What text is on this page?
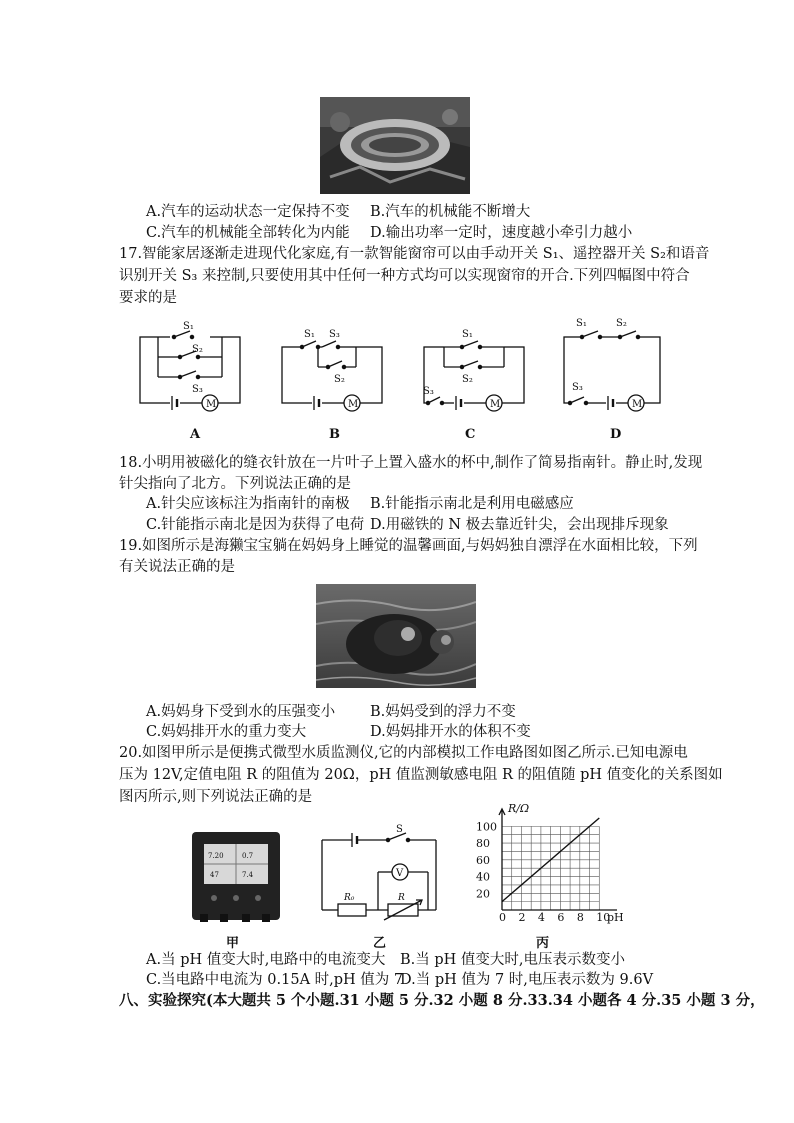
A.汽车的运动状态一定保持不变 B.汽车的机械能不断增大
C.汽车的机械能全部转化为内能 D.输出功率一定时，速度越小牵引力越小
17.智能家居逐渐走进现代化家庭,有一款智能窗帘可以由手动开关 S₁、遥控器开关 S₂和语音
识别开关 S₃ 来控制,只要使用其中任何一种方式均可以实现窗帘的开合.下列四幅图中符合
要求的是
S₁
S₂
S₃
M
S₁ S₃
S₂
M
S₁
S₃
S₂
M
S₁	S₂
S₃
M
A	B	C	D
18.小明用被磁化的缝衣针放在一片叶子上置入盛水的杯中,制作了简易指南针。静止时,发现
针尖指向了北方。下列说法正确的是
A.针尖应该标注为指南针的南极 B.针能指示南北是利用电磁感应
C.针能指示南北是因为获得了电荷 D.用磁铁的 N 极去靠近针尖，会出现排斥现象
19.如图所示是海獭宝宝躺在妈妈身上睡觉的温馨画面,与妈妈独自漂浮在水面相比较，下列
有关说法正确的是
A.妈妈身下受到水的压强变小 B.妈妈受到的浮力不变
C.妈妈排开水的重力变大	D.妈妈排开水的体积不变
20.如图甲所示是便携式微型水质监测仪,它的内部模拟工作电路图如图乙所示.已知电源电
压为 12V,定值电阻 R 的阻值为 20Ω，pH 值监测敏感电阻 R 的阻值随 pH 值变化的关系图如
图丙所示,则下列说法正确的是
7.20	0.7
47	7.4
S
V
R₀	R
0 2 4 6 8 10
20
40
60
80
100
R/Ω
pH
甲	乙	丙
A.当 pH 值变大时,电路中的电流变大 B.当 pH 值变大时,电压表示数变小
C.当电路中电流为 0.15A 时,pH 值为 7
D.当 pH 值为 7 时,电压表示数为 9.6V
八、实验探究(本大题共 5 个小题.31 小题 5 分.32 小题 8 分.33.34 小题各 4 分.35 小题 3 分，
